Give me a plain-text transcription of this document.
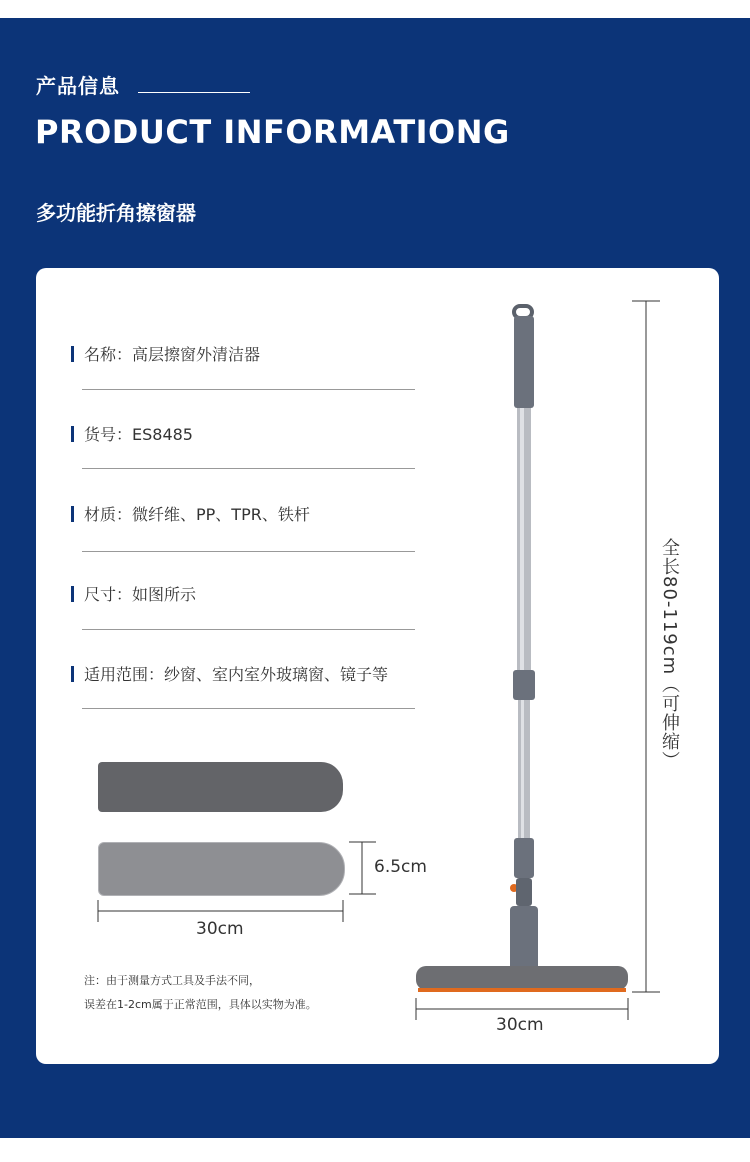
产品信息
PRODUCT INFORMATIONG
多功能折角擦窗器
名称：高层擦窗外清洁器
货号：ES8485
材质：微纤维、PP、TPR、铁杆
尺寸：如图所示
适用范围：纱窗、室内室外玻璃窗、镜子等
6.5cm
30cm
30cm
注：由于测量方式工具及手法不同，
误差在1-2cm属于正常范围，具体以实物为准。
全长80-119cm（可伸缩）
